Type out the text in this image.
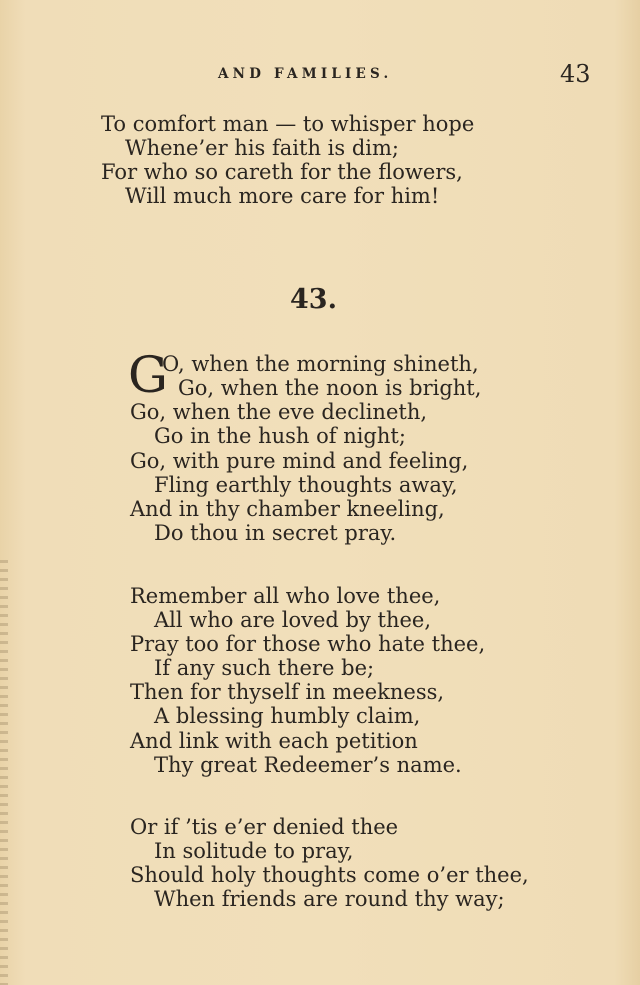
AND FAMILIES.	43
To comfort man — to whisper hope
Whene’er his faith is dim;
For who so careth for the flowers,
Will much more care for him!
43.
G
O, when the morning shineth,
Go, when the noon is bright,
Go, when the eve declineth,
Go in the hush of night;
Go, with pure mind and feeling,
Fling earthly thoughts away,
And in thy chamber kneeling,
Do thou in secret pray.
Remember all who love thee,
All who are loved by thee,
Pray too for those who hate thee,
If any such there be;
Then for thyself in meekness,
A blessing humbly claim,
And link with each petition
Thy great Redeemer’s name.
Or if ’tis e’er denied thee
In solitude to pray,
Should holy thoughts come o’er thee,
When friends are round thy way;
